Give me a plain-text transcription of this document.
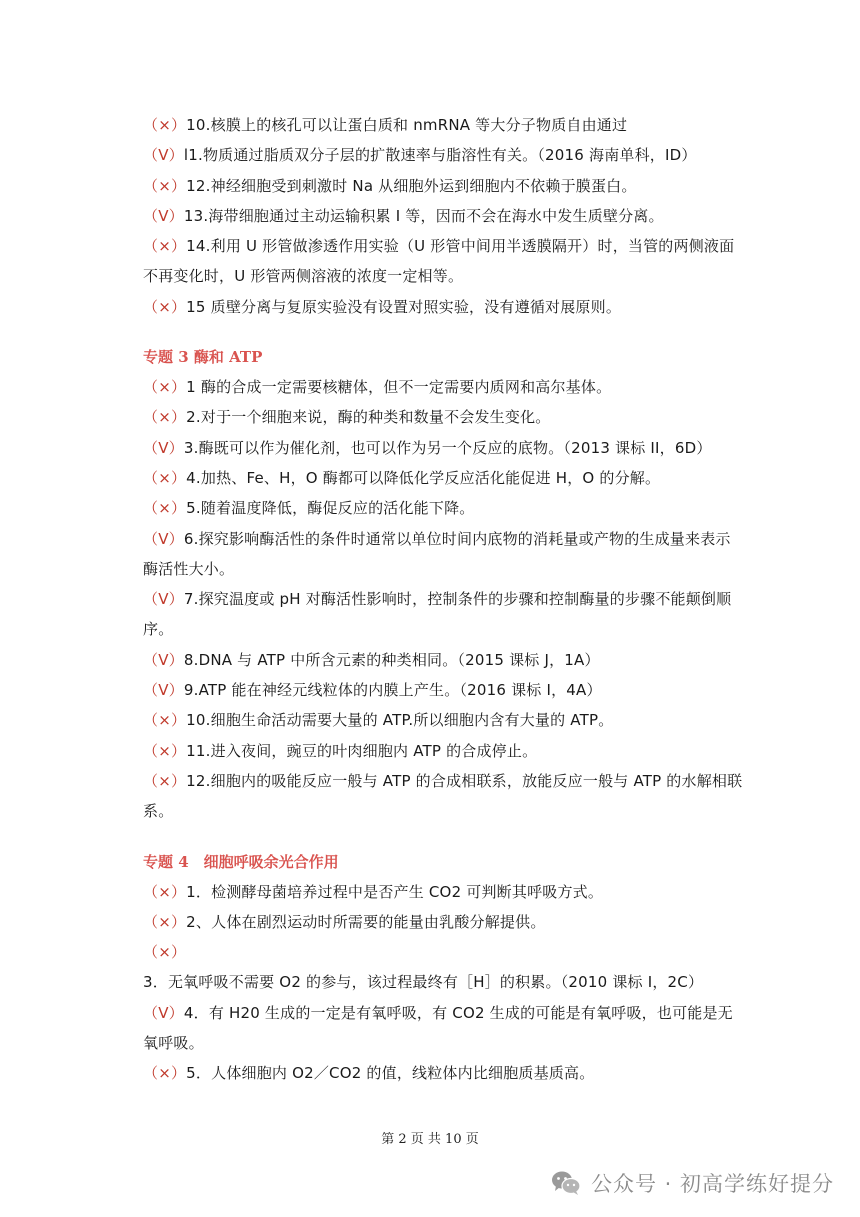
（×）10.核膜上的核孔可以让蛋白质和 nmRNA 等大分子物质自由通过
（V）l1.物质通过脂质双分子层的扩散速率与脂溶性有关。（2016 海南单科，ID）
（×）12.神经细胞受到刺激时 Na 从细胞外运到细胞内不依赖于膜蛋白。
（V）13.海带细胞通过主动运输积累 I 等，因而不会在海水中发生质壁分离。
（×）14.利用 U 形管做渗透作用实验（U 形管中间用半透膜隔开）时，当管的两侧液面不再变化时，U 形管两侧溶液的浓度一定相等。
（×）15 质壁分离与复原实验没有设置对照实验，没有遵循对展原则。
专题 3 酶和 ATP
（×）1 酶的合成一定需要核糖体，但不一定需要内质网和高尔基体。
（×）2.对于一个细胞来说，酶的种类和数量不会发生变化。
（V）3.酶既可以作为催化剂，也可以作为另一个反应的底物。（2013 课标 II，6D）
（×）4.加热、Fe、H，O 酶都可以降低化学反应活化能促进 H，O 的分解。
（×）5.随着温度降低，酶促反应的活化能下降。
（V）6.探究影响酶活性的条件时通常以单位时间内底物的消耗量或产物的生成量来表示酶活性大小。
（V）7.探究温度或 pH 对酶活性影响时，控制条件的步骤和控制酶量的步骤不能颠倒顺序。
（V）8.DNA 与 ATP 中所含元素的种类相同。（2015 课标 J，1A）
（V）9.ATP 能在神经元线粒体的内膜上产生。（2016 课标 I，4A）
（×）10.细胞生命活动需要大量的 ATP.所以细胞内含有大量的 ATP。
（×）11.进入夜间，豌豆的叶肉细胞内 ATP 的合成停止。
（×）12.细胞内的吸能反应一般与 ATP 的合成相联系，放能反应一般与 ATP 的水解相联系。
专题 4　细胞呼吸余光合作用
（×）1．检测酵母菌培养过程中是否产生 CO2 可判断其呼吸方式。
（×）2、人体在剧烈运动时所需要的能量由乳酸分解提供。
（×）3．无氧呼吸不需要 O2 的参与，该过程最终有［H］的积累。（2010 课标 I，2C）
（V）4．有 H20 生成的一定是有氧呼吸，有 CO2 生成的可能是有氧呼吸，也可能是无氧呼吸。
（×）5．人体细胞内 O2／CO2 的值，线粒体内比细胞质基质高。
第 2 页 共 10 页
公众号 · 初高学练好提分
